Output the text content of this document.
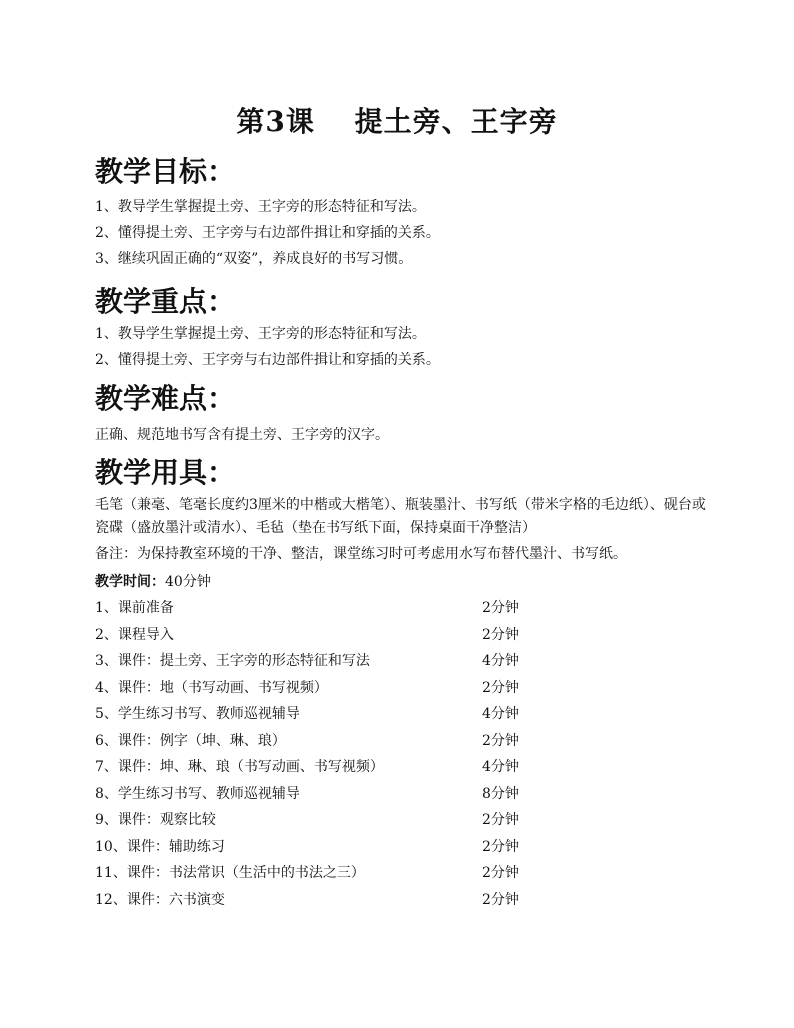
第3课　 提土旁、王字旁
教学目标：
1、教导学生掌握提土旁、王字旁的形态特征和写法。
2、懂得提土旁、王字旁与右边部件揖让和穿插的关系。
3、继续巩固正确的“双姿”，养成良好的书写习惯。
教学重点：
1、教导学生掌握提土旁、王字旁的形态特征和写法。
2、懂得提土旁、王字旁与右边部件揖让和穿插的关系。
教学难点：
正确、规范地书写含有提土旁、王字旁的汉字。
教学用具：
毛笔（兼毫、笔毫长度约3厘米的中楷或大楷笔）、瓶装墨汁、书写纸（带米字格的毛边纸）、砚台或瓷碟（盛放墨汁或清水）、毛毡（垫在书写纸下面，保持桌面干净整洁）
备注：为保持教室环境的干净、整洁，课堂练习时可考虑用水写布替代墨汁、书写纸。
教学时间：40分钟
1、课前准备	2分钟
2、课程导入	2分钟
3、课件：提土旁、王字旁的形态特征和写法	4分钟
4、课件：地（书写动画、书写视频）	2分钟
5、学生练习书写、教师巡视辅导	4分钟
6、课件：例字（坤、琳、琅）	2分钟
7、课件：坤、琳、琅（书写动画、书写视频）	4分钟
8、学生练习书写、教师巡视辅导	8分钟
9、课件：观察比较	2分钟
10、课件：辅助练习	2分钟
11、课件：书法常识（生活中的书法之三）	2分钟
12、课件：六书演变	2分钟
